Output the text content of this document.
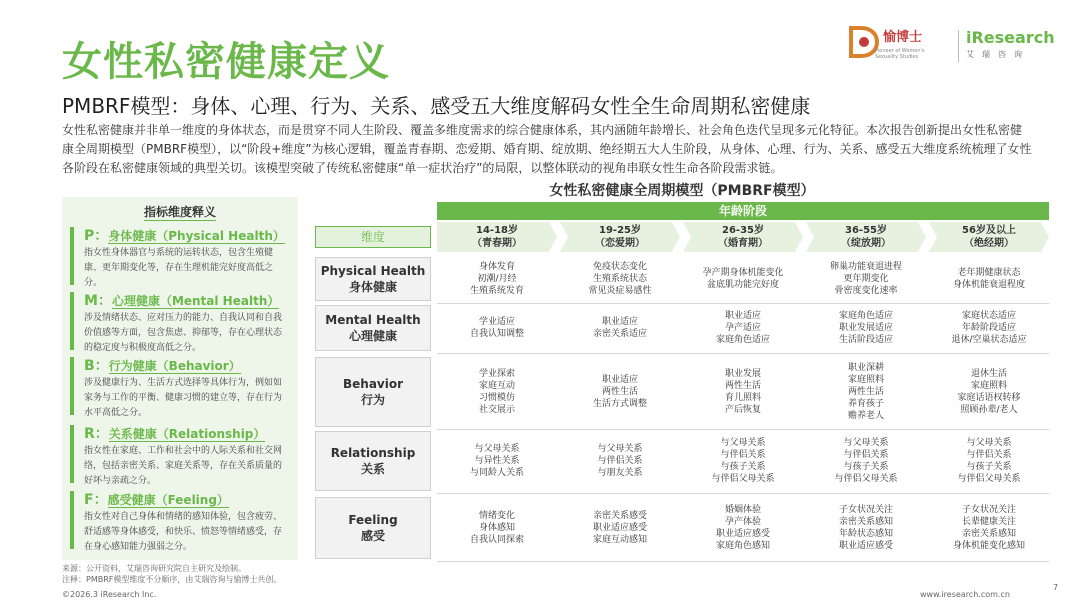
女性私密健康定义
PMBRF模型：身体、心理、行为、关系、感受五大维度解码女性全生命周期私密健康
女性私密健康并非单一维度的身体状态，而是贯穿不同人生阶段、覆盖多维度需求的综合健康体系，其内涵随年龄增长、社会角色迭代呈现多元化特征。本次报告创新提出女性私密健康全周期模型（PMBRF模型），以“阶段+维度”为核心逻辑，覆盖青春期、恋爱期、婚育期、绽放期、绝经期五大人生阶段，从身体、心理、行为、关系、感受五大维度系统梳理了女性各阶段在私密健康领域的典型关切。该模型突破了传统私密健康“单一症状治疗”的局限，以整体联动的视角串联女性生命各阶段需求链。
愉博士
Pioneer of Women's Sexuality Studies
iResearch
艾瑞咨询
指标维度释义
P：身体健康（Physical Health）
指女性身体器官与系统的运转状态，包含生殖健康、更年期变化等，存在生理机能完好度高低之分。
M：心理健康（Mental Health）
涉及情绪状态、应对压力的能力、自我认同和自我价值感等方面，包含焦虑、抑郁等，存在心理状态的稳定度与积极度高低之分。
B：行为健康（Behavior）
涉及健康行为、生活方式选择等具体行为，例如如家务与工作的平衡、健康习惯的建立等，存在行为水平高低之分。
R：关系健康（Relationship）
指女性在家庭、工作和社会中的人际关系和社交网络，包括亲密关系、家庭关系等，存在关系质量的好坏与亲疏之分。
F：感受健康（Feeling）
指女性对自己身体和情绪的感知体验，包含疲劳、舒适感等身体感受，和快乐、愤怒等情绪感受，存在身心感知能力强弱之分。
女性私密健康全周期模型（PMBRF模型）
年龄阶段
维度	14-18岁
（青春期）
19-25岁
（恋爱期）
26-35岁
（婚育期）
36-55岁
（绽放期）
56岁及以上
（绝经期）
Physical Health
身体健康
身体发育
初潮/月经
生殖系统发育
免疫状态变化
生殖系统状态
常见炎症易感性
孕产期身体机能变化
盆底肌功能完好度
卵巢功能衰退进程
更年期变化
骨密度变化速率
老年期健康状态
身体机能衰退程度
Mental Health
心理健康
学业适应
自我认知调整
职业适应
亲密关系适应
职业适应
孕产适应
家庭角色适应
家庭角色适应
职业发展适应
生活阶段适应
家庭状态适应
年龄阶段适应
退休/空巢状态适应
Behavior
行为
学业探索
家庭互动
习惯模仿
社交展示
职业适应
两性生活
生活方式调整
职业发展
两性生活
育儿照料
产后恢复
职业深耕
家庭照料
两性生活
养育孩子
赡养老人
退休生活
家庭照料
家庭话语权转移
照顾孙辈/老人
Relationship
关系
与父母关系
与异性关系
与同龄人关系
与父母关系
与伴侣关系
与朋友关系
与父母关系
与伴侣关系
与孩子关系
与伴侣父母关系
与父母关系
与伴侣关系
与孩子关系
与伴侣父母关系
与父母关系
与伴侣关系
与孩子关系
与伴侣父母关系
Feeling
感受
情绪变化
身体感知
自我认同探索
亲密关系感受
职业适应感受
家庭互动感知
婚姻体验
孕产体验
职业适应感受
家庭角色感知
子女状况关注
亲密关系感知
年龄状态感知
职业适应感受
子女状况关注
长辈健康关注
亲密关系感知
身体机能变化感知
来源：公开资料，艾瑞咨询研究院自主研究及绘制。
注释：PMBRF模型维度不分顺序，由艾瑞咨询与愉博士共创。
©2026.3 iResearch Inc.	www.iresearch.com.cn
7
